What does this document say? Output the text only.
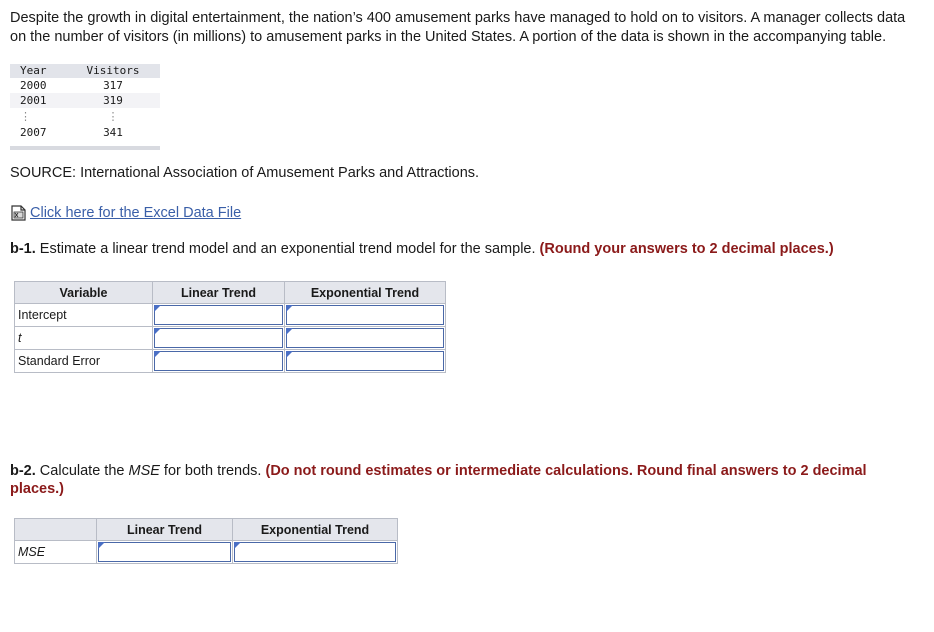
Despite the growth in digital entertainment, the nation’s 400 amusement parks have managed to hold on to visitors. A manager collects data on the number of visitors (in millions) to amusement parks in the United States. A portion of the data is shown in the accompanying table.

Year	Visitors
2000	317
2001	319
⋮	⋮
2007	341
SOURCE: International Association of Amusement Parks and Attractions.
Click here for the Excel Data File
b-1. Estimate a linear trend model and an exponential trend model for the sample. (Round your answers to 2 decimal places.)
Variable	Linear Trend	Exponential Trend
Intercept	

t	

Standard Error	

b-2. Calculate the MSE for both trends. (Do not round estimates or intermediate calculations. Round final answers to 2 decimal places.)
	Linear Trend	Exponential Trend
MSE	
